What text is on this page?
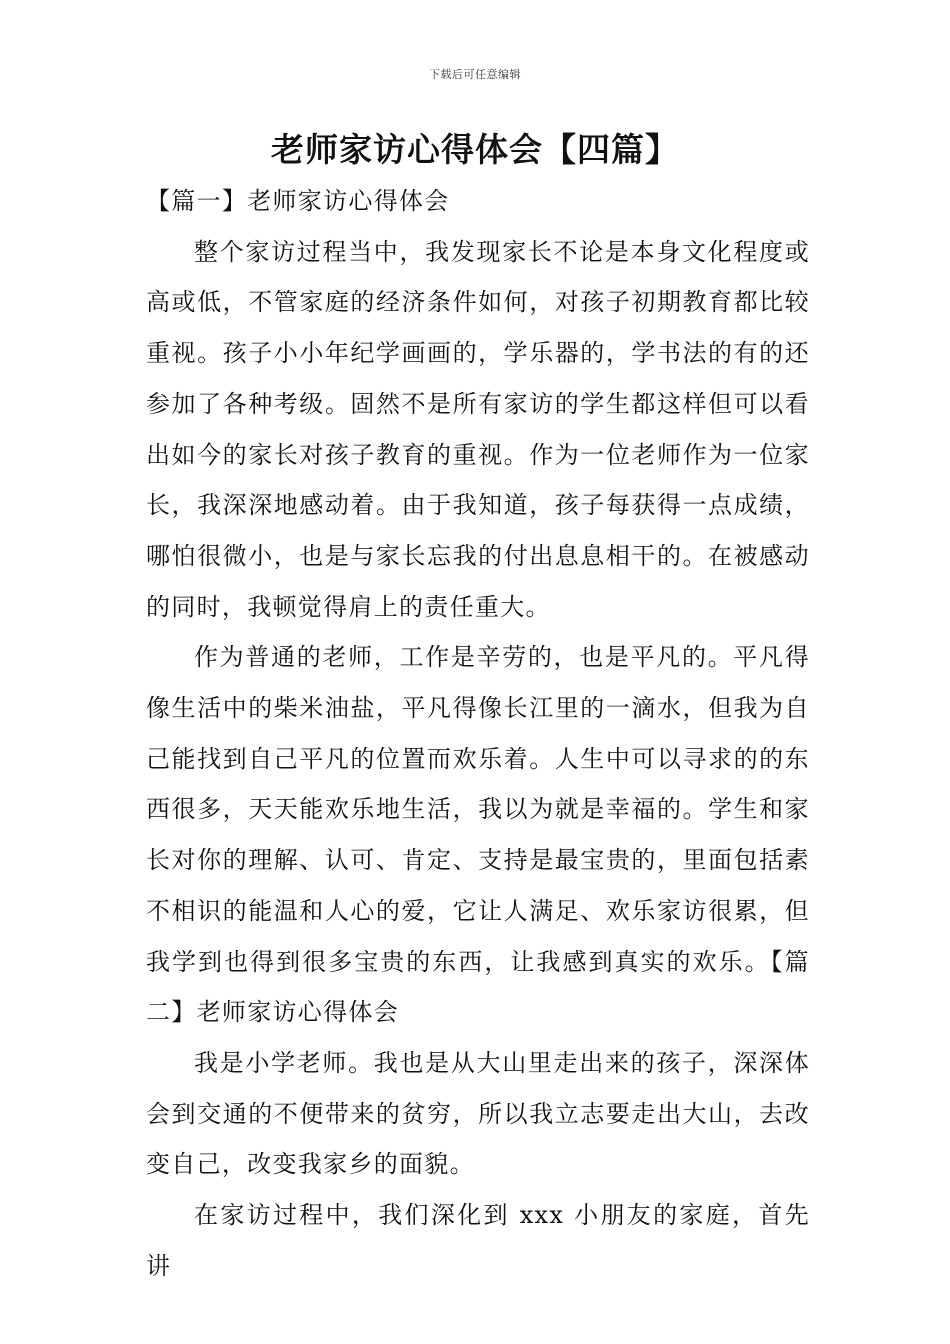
下载后可任意编辑
老师家访心得体会【四篇】

【篇一】老师家访心得体会

整个家访过程当中，我发现家长不论是本身文化程度或高或低，不管家庭的经济条件如何，对孩子初期教育都比较重视。孩子小小年纪学画画的，学乐器的，学书法的有的还参加了各种考级。固然不是所有家访的学生都这样但可以看出如今的家长对孩子教育的重视。作为一位老师作为一位家长，我深深地感动着。由于我知道，孩子每获得一点成绩，哪怕很微小，也是与家长忘我的付出息息相干的。在被感动的同时，我顿觉得肩上的责任重大。

作为普通的老师，工作是辛劳的，也是平凡的。平凡得像生活中的柴米油盐，平凡得像长江里的一滴水，但我为自己能找到自己平凡的位置而欢乐着。人生中可以寻求的的东西很多，天天能欢乐地生活，我以为就是幸福的。学生和家长对你的理解、认可、肯定、支持是最宝贵的，里面包括素不相识的能温和人心的爱，它让人满足、欢乐家访很累，但我学到也得到很多宝贵的东西，让我感到真实的欢乐。【篇二】老师家访心得体会

我是小学老师。我也是从大山里走出来的孩子，深深体会到交通的不便带来的贫穷，所以我立志要走出大山，去改变自己，改变我家乡的面貌。

在家访过程中，我们深化到 xxx 小朋友的家庭，首先讲
